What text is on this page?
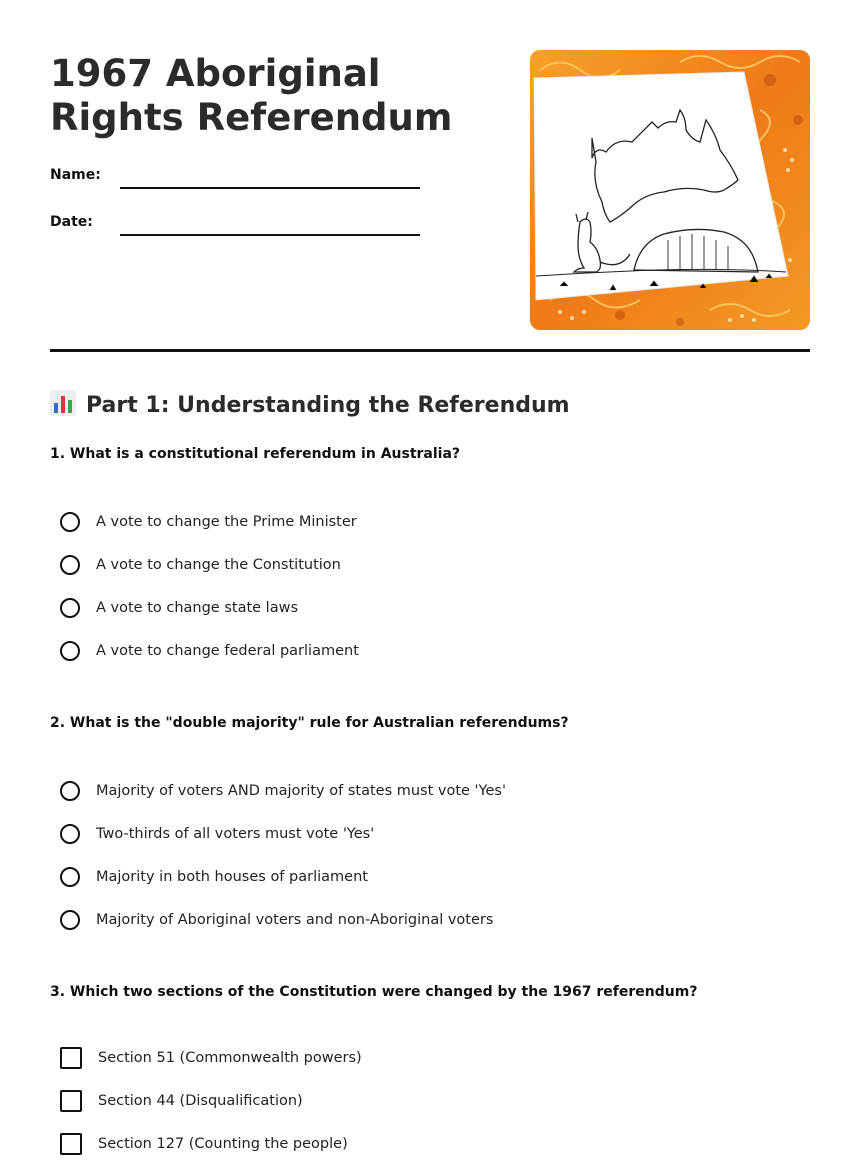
1967 Aboriginal Rights Referendum
Name:
Date:
Part 1: Understanding the Referendum

1. What is a constitutional referendum in Australia?

A vote to change the Prime Minister
A vote to change the Constitution
A vote to change state laws
A vote to change federal parliament

2. What is the "double majority" rule for Australian referendums?

Majority of voters AND majority of states must vote 'Yes'
Two-thirds of all voters must vote 'Yes'
Majority in both houses of parliament
Majority of Aboriginal voters and non-Aboriginal voters

3. Which two sections of the Constitution were changed by the 1967 referendum?

Section 51 (Commonwealth powers)
Section 44 (Disqualification)
Section 127 (Counting the people)
